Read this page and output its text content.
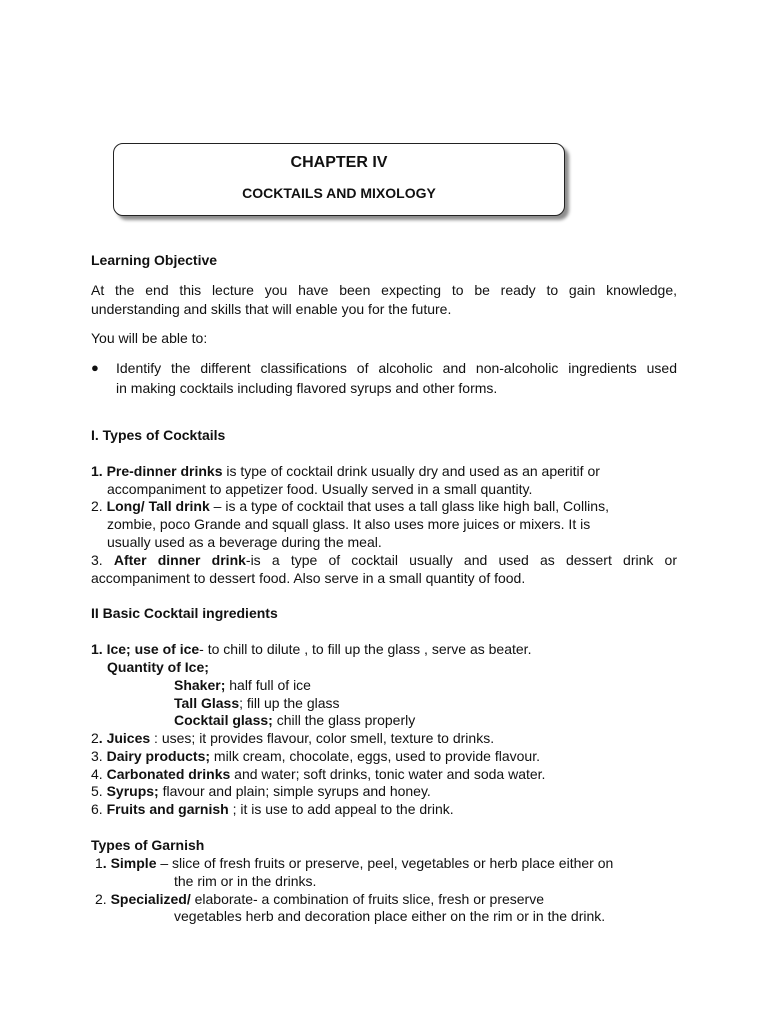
CHAPTER IV
COCKTAILS AND MIXOLOGY
Learning Objective
At the end this lecture you have been expecting to be ready to gain knowledge,
understanding and skills that will enable you for the future.
You will be able to:
● Identify the different classifications of alcoholic and non-alcoholic ingredients used
in making cocktails including flavored syrups and other forms.
I. Types of Cocktails
1. Pre-dinner drinks is type of cocktail drink usually dry and used as an aperitif or
accompaniment to appetizer food. Usually served in a small quantity.
2. Long/ Tall drink – is a type of cocktail that uses a tall glass like high ball, Collins,
zombie, poco Grande and squall glass. It also uses more juices or mixers. It is
usually used as a beverage during the meal.
3. After dinner drink-is a type of cocktail usually and used as dessert drink or
accompaniment to dessert food. Also serve in a small quantity of food.
II Basic Cocktail ingredients
1. Ice; use of ice- to chill to dilute , to fill up the glass , serve as beater.
Quantity of Ice;
Shaker; half full of ice
Tall Glass; fill up the glass
Cocktail glass; chill the glass properly
2. Juices : uses; it provides flavour, color smell, texture to drinks.
3. Dairy products; milk cream, chocolate, eggs, used to provide flavour.
4. Carbonated drinks and water; soft drinks, tonic water and soda water.
5. Syrups; flavour and plain; simple syrups and honey.
6. Fruits and garnish ; it is use to add appeal to the drink.
Types of Garnish
1. Simple – slice of fresh fruits or preserve, peel, vegetables or herb place either on
the rim or in the drinks.
2. Specialized/ elaborate- a combination of fruits slice, fresh or preserve
vegetables herb and decoration place either on the rim or in the drink.
